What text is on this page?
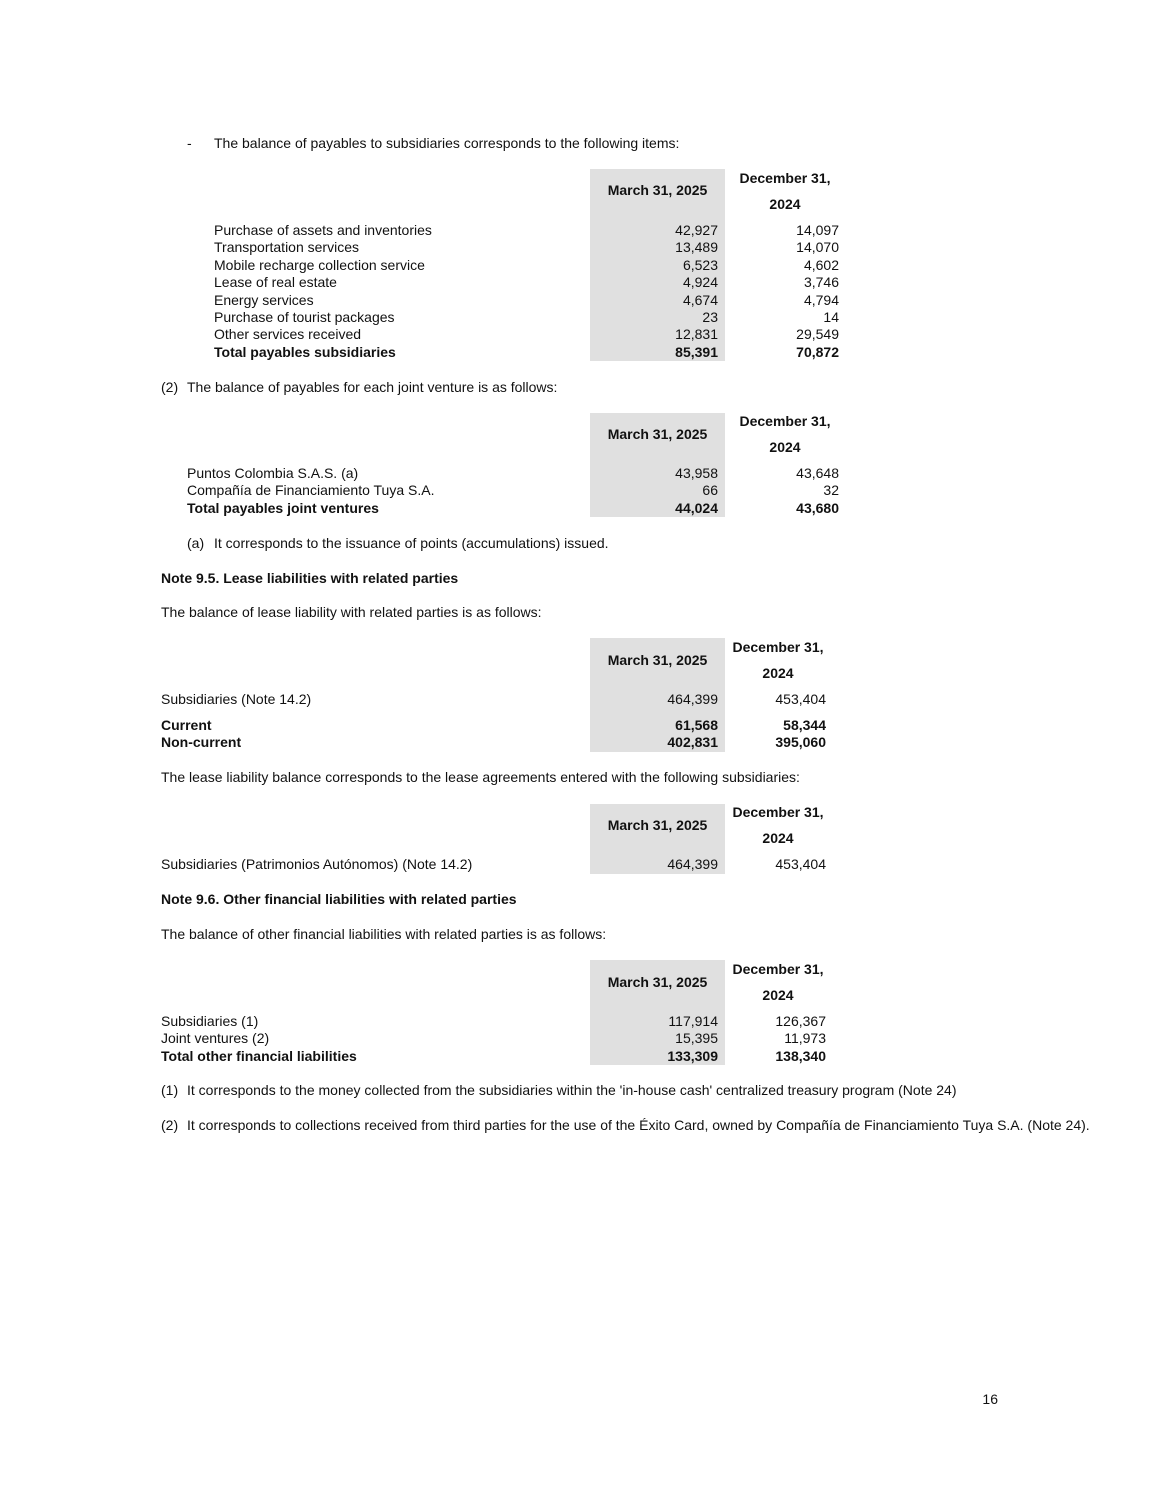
- The balance of payables to subsidiaries corresponds to the following items:
March 31, 2025
December 31,
2024
Purchase of assets and inventories	42,927	14,097
Transportation services	13,489	14,070
Mobile recharge collection service	6,523	4,602
Lease of real estate	4,924	3,746
Energy services	4,674	4,794
Purchase of tourist packages	23	14
Other services received	12,831	29,549
Total payables subsidiaries	85,391	70,872
(2) The balance of payables for each joint venture is as follows:
March 31, 2025
December 31,
2024
Puntos Colombia S.A.S. (a)	43,958	43,648
Compañía de Financiamiento Tuya S.A.	66	32
Total payables joint ventures	44,024	43,680
(a) It corresponds to the issuance of points (accumulations) issued.
Note 9.5. Lease liabilities with related parties
The balance of lease liability with related parties is as follows:
March 31, 2025
December 31,
2024
Subsidiaries (Note 14.2)	464,399	453,404
Current	61,568	58,344
Non-current	402,831	395,060
The lease liability balance corresponds to the lease agreements entered with the following subsidiaries:
March 31, 2025
December 31,
2024
Subsidiaries (Patrimonios Autónomos) (Note 14.2)	464,399	453,404
Note 9.6. Other financial liabilities with related parties
The balance of other financial liabilities with related parties is as follows:
March 31, 2025
December 31,
2024
Subsidiaries (1)	117,914	126,367
Joint ventures (2)	15,395	11,973
Total other financial liabilities	133,309	138,340
(1) It corresponds to the money collected from the subsidiaries within the 'in-house cash' centralized treasury program (Note 24)
(2) It corresponds to collections received from third parties for the use of the Éxito Card, owned by Compañía de Financiamiento Tuya S.A. (Note 24).
16
